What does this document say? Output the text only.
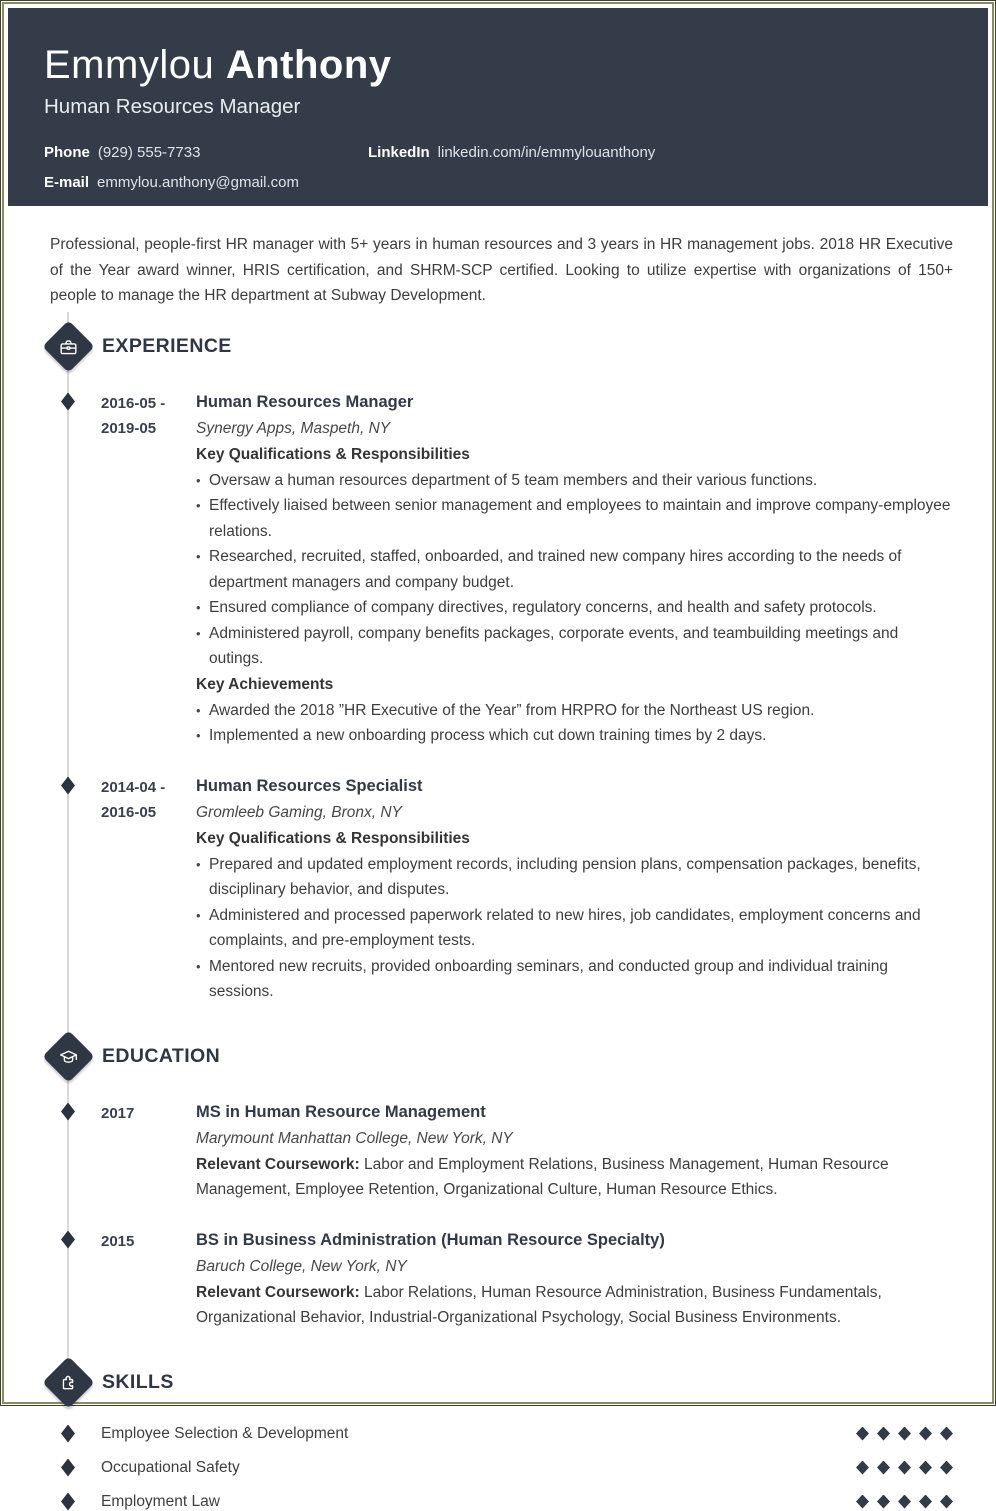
Emmylou Anthony
Human Resources Manager
Phone (929) 555-7733	LinkedIn linkedin.com/in/emmylouanthony
E-mail emmylou.anthony@gmail.com

Professional, people-first HR manager with 5+ years in human resources and 3 years in HR management jobs. 2018 HR Executive of the Year award winner, HRIS certification, and SHRM-SCP certified. Looking to utilize expertise with organizations of 150+ people to manage the HR department at Subway Development.

EXPERIENCE
2016-05 -
2019-05
Human Resources Manager
Synergy Apps, Maspeth, NY
Key Qualifications & Responsibilities
• Oversaw a human resources department of 5 team members and their various functions.
• Effectively liaised between senior management and employees to maintain and improve company-employee relations.
• Researched, recruited, staffed, onboarded, and trained new company hires according to the needs of department managers and company budget.
• Ensured compliance of company directives, regulatory concerns, and health and safety protocols.
• Administered payroll, company benefits packages, corporate events, and teambuilding meetings and outings.
Key Achievements
• Awarded the 2018 ”HR Executive of the Year” from HRPRO for the Northeast US region.
• Implemented a new onboarding process which cut down training times by 2 days.
2014-04 -
2016-05
Human Resources Specialist
Gromleeb Gaming, Bronx, NY
Key Qualifications & Responsibilities
• Prepared and updated employment records, including pension plans, compensation packages, benefits, disciplinary behavior, and disputes.
• Administered and processed paperwork related to new hires, job candidates, employment concerns and complaints, and pre-employment tests.
• Mentored new recruits, provided onboarding seminars, and conducted group and individual training sessions.
EDUCATION
2017	MS in Human Resource Management
Marymount Manhattan College, New York, NY

Relevant Coursework: Labor and Employment Relations, Business Management, Human Resource Management, Employee Retention, Organizational Culture, Human Resource Ethics.

2015	BS in Business Administration (Human Resource Specialty)
Baruch College, New York, NY

Relevant Coursework: Labor Relations, Human Resource Administration, Business Fundamentals, Organizational Behavior, Industrial-Organizational Psychology, Social Business Environments.

SKILLS
Employee Selection & Development
Occupational Safety
Employment Law
